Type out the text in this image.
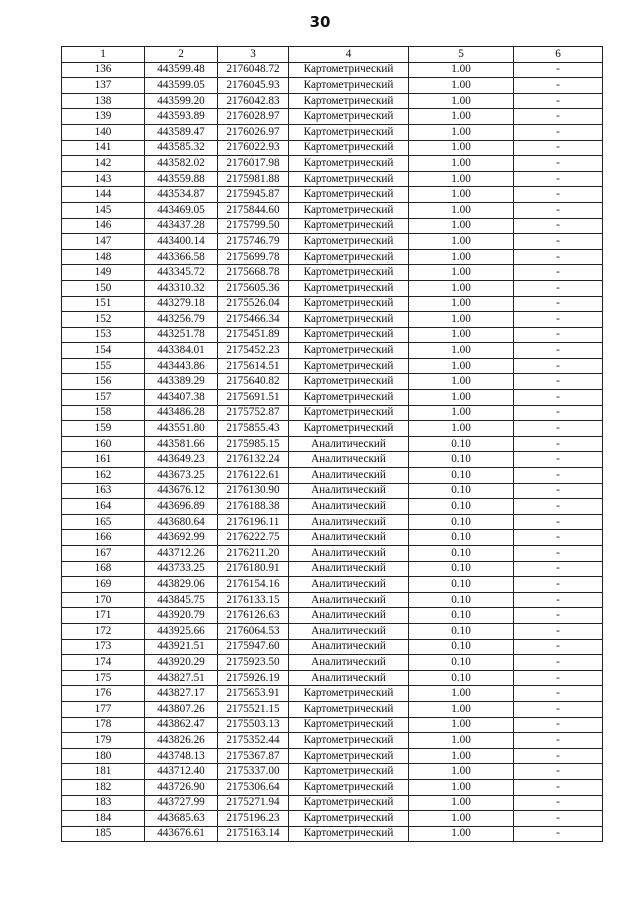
30
1	2	3	4	5	6
136	443599.48	2176048.72	Картометрический	1.00	-
137	443599.05	2176045.93	Картометрический	1.00	-
138	443599.20	2176042.83	Картометрический	1.00	-
139	443593.89	2176028.97	Картометрический	1.00	-
140	443589.47	2176026.97	Картометрический	1.00	-
141	443585.32	2176022.93	Картометрический	1.00	-
142	443582.02	2176017.98	Картометрический	1.00	-
143	443559.88	2175981.88	Картометрический	1.00	-
144	443534.87	2175945.87	Картометрический	1.00	-
145	443469.05	2175844.60	Картометрический	1.00	-
146	443437.28	2175799.50	Картометрический	1.00	-
147	443400.14	2175746.79	Картометрический	1.00	-
148	443366.58	2175699.78	Картометрический	1.00	-
149	443345.72	2175668.78	Картометрический	1.00	-
150	443310.32	2175605.36	Картометрический	1.00	-
151	443279.18	2175526.04	Картометрический	1.00	-
152	443256.79	2175466.34	Картометрический	1.00	-
153	443251.78	2175451.89	Картометрический	1.00	-
154	443384.01	2175452.23	Картометрический	1.00	-
155	443443.86	2175614.51	Картометрический	1.00	-
156	443389.29	2175640.82	Картометрический	1.00	-
157	443407.38	2175691.51	Картометрический	1.00	-
158	443486.28	2175752.87	Картометрический	1.00	-
159	443551.80	2175855.43	Картометрический	1.00	-
160	443581.66	2175985.15	Аналитический	0.10	-
161	443649.23	2176132.24	Аналитический	0.10	-
162	443673.25	2176122.61	Аналитический	0.10	-
163	443676.12	2176130.90	Аналитический	0.10	-
164	443696.89	2176188.38	Аналитический	0.10	-
165	443680.64	2176196.11	Аналитический	0.10	-
166	443692.99	2176222.75	Аналитический	0.10	-
167	443712.26	2176211.20	Аналитический	0.10	-
168	443733.25	2176180.91	Аналитический	0.10	-
169	443829.06	2176154.16	Аналитический	0.10	-
170	443845.75	2176133.15	Аналитический	0.10	-
171	443920.79	2176126.63	Аналитический	0.10	-
172	443925.66	2176064.53	Аналитический	0.10	-
173	443921.51	2175947.60	Аналитический	0.10	-
174	443920.29	2175923.50	Аналитический	0.10	-
175	443827.51	2175926.19	Аналитический	0.10	-
176	443827.17	2175653.91	Картометрический	1.00	-
177	443807.26	2175521.15	Картометрический	1.00	-
178	443862.47	2175503.13	Картометрический	1.00	-
179	443826.26	2175352.44	Картометрический	1.00	-
180	443748.13	2175367.87	Картометрический	1.00	-
181	443712.40	2175337.00	Картометрический	1.00	-
182	443726.90	2175306.64	Картометрический	1.00	-
183	443727.99	2175271.94	Картометрический	1.00	-
184	443685.63	2175196.23	Картометрический	1.00	-
185	443676.61	2175163.14	Картометрический	1.00	-
